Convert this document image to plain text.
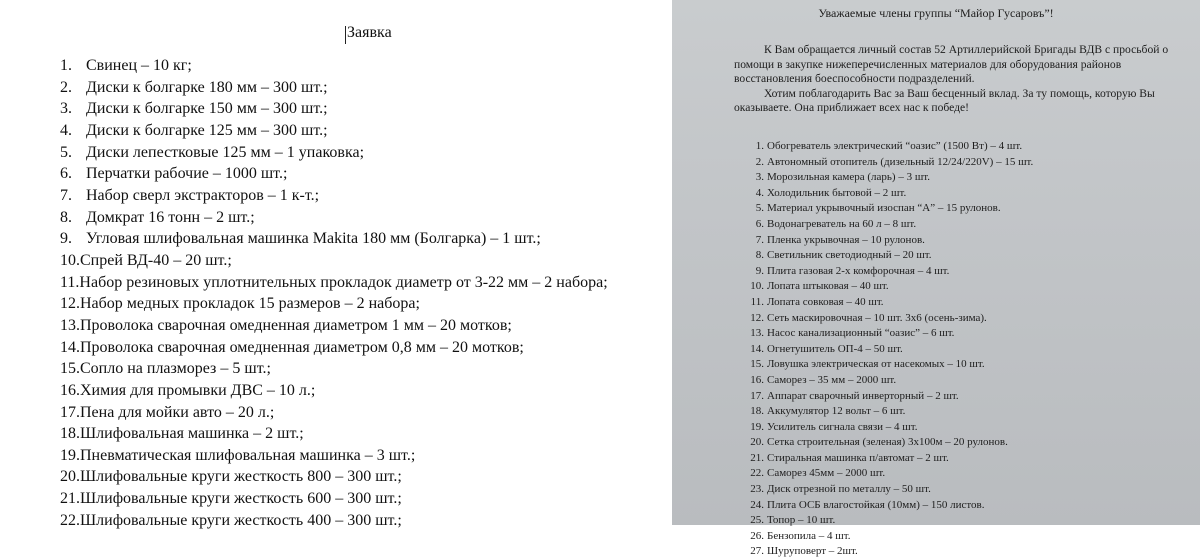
Заявка
1. Свинец – 10 кг;
2. Диски к болгарке 180 мм – 300 шт.;
3. Диски к болгарке 150 мм – 300 шт.;
4. Диски к болгарке 125 мм – 300 шт.;
5. Диски лепестковые 125 мм – 1 упаковка;
6. Перчатки рабочие – 1000 шт.;
7. Набор сверл экстракторов – 1 к-т.;
8. Домкрат 16 тонн – 2 шт.;
9. Угловая шлифовальная машинка Makita 180 мм (Болгарка) – 1 шт.;
10.Спрей ВД-40 – 20 шт.;
11.Набор резиновых уплотнительных прокладок диаметр от 3-22 мм – 2 набора;
12.Набор медных прокладок 15 размеров – 2 набора;
13.Проволока сварочная омедненная диаметром 1 мм – 20 мотков;
14.Проволока сварочная омедненная диаметром 0,8 мм – 20 мотков;
15.Сопло на плазморез – 5 шт.;
16.Химия для промывки ДВС – 10 л.;
17.Пена для мойки авто – 20 л.;
18.Шлифовальная машинка – 2 шт.;
19.Пневматическая шлифовальная машинка – 3 шт.;
20.Шлифовальные круги жесткость 800 – 300 шт.;
21.Шлифовальные круги жесткость 600 – 300 шт.;
22.Шлифовальные круги жесткость 400 – 300 шт.;
Уважаемые члены группы “Майор Гусаровъ”!

К Вам обращается личный состав 52 Артиллерийской Бригады ВДВ с просьбой о помощи в закупке нижеперечисленных материалов для оборудования районов восстановления боеспособности подразделений.

Хотим поблагодарить Вас за Ваш бесценный вклад. За ту помощь, которую Вы оказываете. Она приближает всех нас к победе!

1. Обогреватель электрический “оазис” (1500 Вт) – 4 шт.
2. Автономный отопитель (дизельный 12/24/220V) – 15 шт.
3. Морозильная камера (ларь) – 3 шт.
4. Холодильник бытовой – 2 шт.
5. Материал укрывочный изоспан “А” – 15 рулонов.
6. Водонагреватель на 60 л – 8 шт.
7. Пленка укрывочная – 10 рулонов.
8. Светильник светодиодный – 20 шт.
9. Плита газовая 2-х комфорочная – 4 шт.
10. Лопата штыковая – 40 шт.
11. Лопата совковая – 40 шт.
12. Сеть маскировочная – 10 шт. 3х6 (осень-зима).
13. Насос канализационный “оазис” – 6 шт.
14. Огнетушитель ОП-4 – 50 шт.
15. Ловушка электрическая от насекомых – 10 шт.
16. Саморез – 35 мм – 2000 шт.
17. Аппарат сварочный инверторный – 2 шт.
18. Аккумулятор 12 вольт – 6 шт.
19. Усилитель сигнала связи – 4 шт.
20. Сетка строительная (зеленая) 3х100м – 20 рулонов.
21. Стиральная машинка п/автомат – 2 шт.
22. Саморез 45мм – 2000 шт.
23. Диск отрезной по металлу – 50 шт.
24. Плита ОСБ влагостойкая (10мм) – 150 листов.
25. Топор – 10 шт.
26. Бензопила – 4 шт.
27. Шуруповерт – 2шт.
